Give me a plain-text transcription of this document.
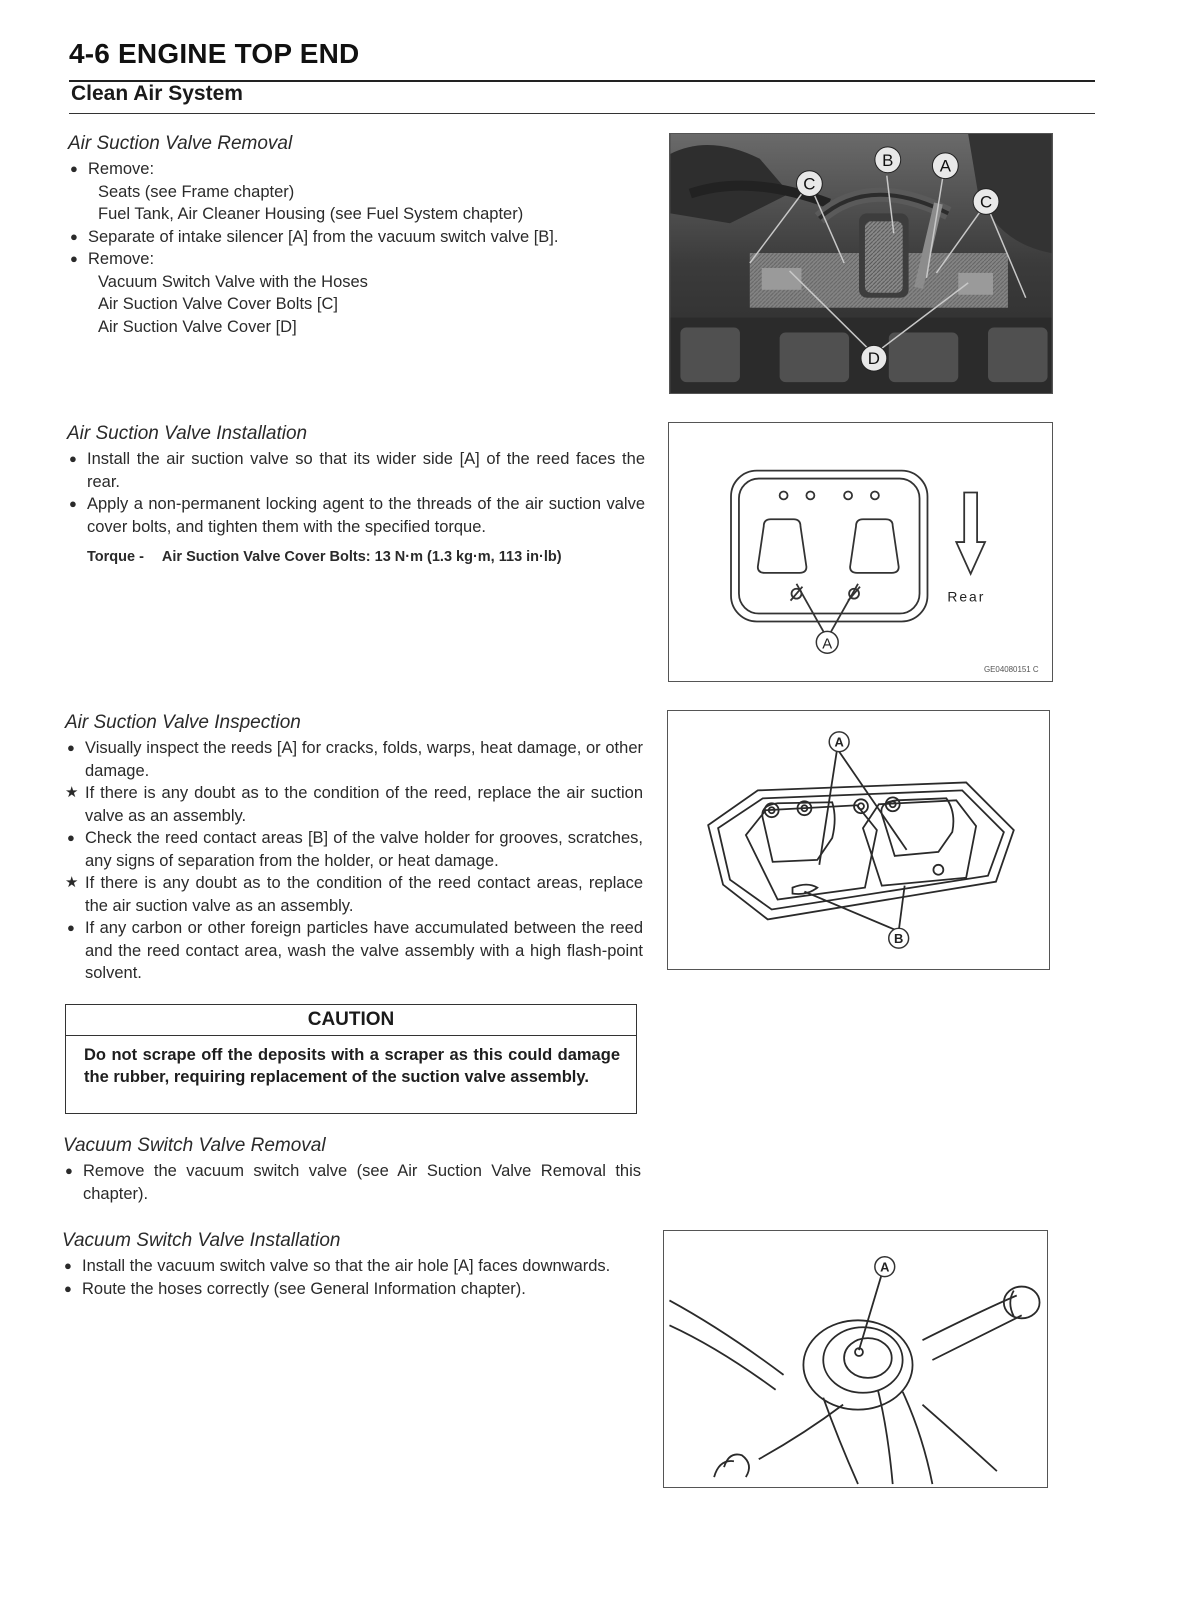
4-6 ENGINE TOP END
Clean Air System
Air Suction Valve Removal
● Remove:
Seats (see Frame chapter)
Fuel Tank, Air Cleaner Housing (see Fuel System chapter)
● Separate of intake silencer [A] from the vacuum switch valve [B].
● Remove:
Vacuum Switch Valve with the Hoses
Air Suction Valve Cover Bolts [C]
Air Suction Valve Cover [D]
Air Suction Valve Installation
● Install the air suction valve so that its wider side [A] of the reed faces the rear.
● Apply a non-permanent locking agent to the threads of the air suction valve cover bolts, and tighten them with the specified torque.
Torque - Air Suction Valve Cover Bolts: 13 N·m (1.3 kg·m, 113 in·lb)
Air Suction Valve Inspection
● Visually inspect the reeds [A] for cracks, folds, warps, heat damage, or other damage.
★ If there is any doubt as to the condition of the reed, replace the air suction valve as an assembly.
● Check the reed contact areas [B] of the valve holder for grooves, scratches, any signs of separation from the holder, or heat damage.
★ If there is any doubt as to the condition of the reed contact areas, replace the air suction valve as an assembly.
● If any carbon or other foreign particles have accumulated between the reed and the reed contact area, wash the valve assembly with a high flash-point solvent.
CAUTION
Do not scrape off the deposits with a scraper as this could damage the rubber, requiring replacement of the suction valve assembly.
Vacuum Switch Valve Removal
● Remove the vacuum switch valve (see Air Suction Valve Removal this chapter).
Vacuum Switch Valve Installation
● Install the vacuum switch valve so that the air hole [A] faces downwards.
● Route the hoses correctly (see General Information chapter).
B	A
C
C
D
A
Rear
GE04080151 C
A
B
A
